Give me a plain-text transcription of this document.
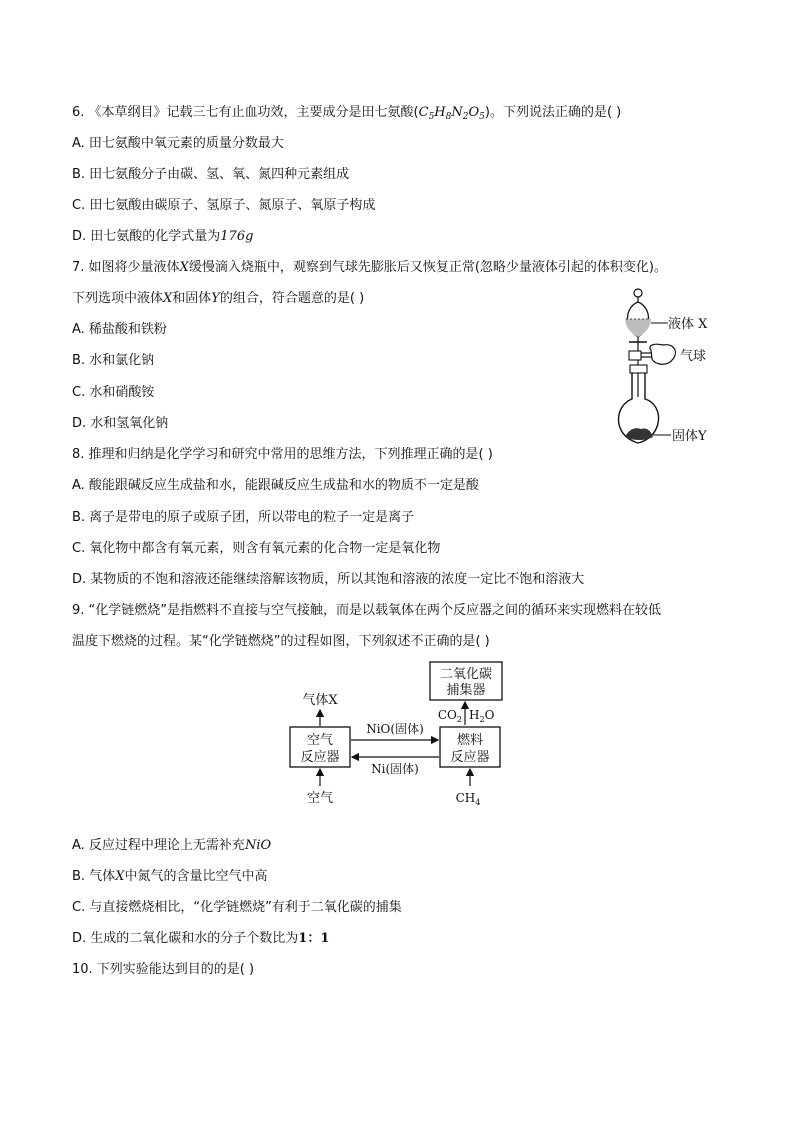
6. 《本草纲目》记载三七有止血功效，主要成分是田七氨酸$(C_5H_8N_2O_5)$。下列说法正确的是( )
A. 田七氨酸中氧元素的质量分数最大
B. 田七氨酸分子由碳、氢、氧、氮四种元素组成
C. 田七氨酸由碳原子、氢原子、氮原子、氧原子构成
D. 田七氨酸的化学式量为176g
7. 如图将少量液体X缓慢滴入烧瓶中，观察到气球先膨胀后又恢复正常(忽略少量液体引起的体积变化)。
下列选项中液体X和固体Y的组合，符合题意的是( )
A. 稀盐酸和铁粉
B. 水和氯化钠
C. 水和硝酸铵
D. 水和氢氧化钠
液体 X
气球
固体Y
8. 推理和归纳是化学学习和研究中常用的思维方法，下列推理正确的是( )
A. 酸能跟碱反应生成盐和水，能跟碱反应生成盐和水的物质不一定是酸
B. 离子是带电的原子或原子团，所以带电的粒子一定是离子
C. 氧化物中都含有氧元素，则含有氧元素的化合物一定是氧化物
D. 某物质的不饱和溶液还能继续溶解该物质，所以其饱和溶液的浓度一定比不饱和溶液大
9. “化学链燃烧”是指燃料不直接与空气接触，而是以载氧体在两个反应器之间的循环来实现燃料在较低
温度下燃烧的过程。某“化学链燃烧”的过程如图，下列叙述不正确的是( )
二氧化碳
捕集器
$CO_2$ $H_2O$
气体X
空气
反应器
燃料
反应器
NiO(固体)
Ni(固体)
空气	$CH_4$
A. 反应过程中理论上无需补充NiO
B. 气体X中氮气的含量比空气中高
C. 与直接燃烧相比，“化学链燃烧”有利于二氧化碳的捕集
D. 生成的二氧化碳和水的分子个数比为1：1
10. 下列实验能达到目的的是( )
